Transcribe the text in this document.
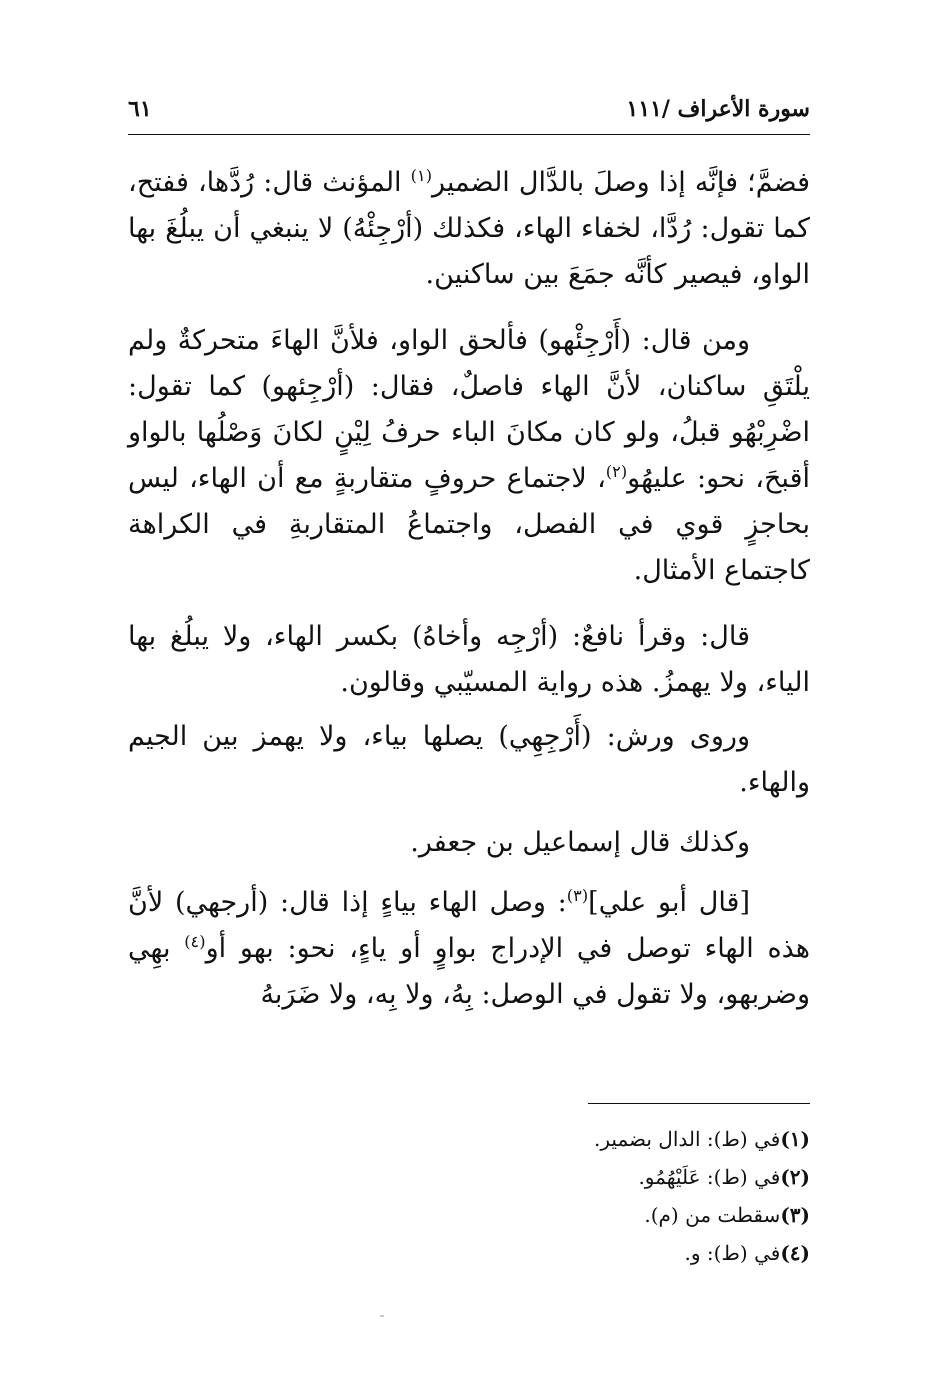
سورة الأعراف /١١١
٦١

فضمَّ؛ فإنَّه إذا وصلَ بالدَّال الضمير$^{(١)}$ المؤنث قال: رُدَّها، ففتح، كما تقول: رُدَّا، لخفاء الهاء، فكذلك (أرْجِئْهُ) لا ينبغي أن يبلُغَ بها الواو، فيصير كأنَّه جمَعَ بين ساكنين.

ومن قال: (أَرْجِئْهو) فألحق الواو، فلأنَّ الهاءَ متحركةٌ ولم يلْتَقِ ساكنان، لأنَّ الهاء فاصلٌ، فقال: (أرْجِئهو) كما تقول: اضْرِبْهُو قبلُ، ولو كان مكانَ الباء حرفُ لِيْنٍ لكانَ وَصْلُها بالواو أقبحَ، نحو: عليهُو$^{(٢)}$، لاجتماع حروفٍ متقاربةٍ مع أن الهاء، ليس بحاجزٍ قوي في الفصل، واجتماعُ المتقاربةِ في الكراهة كاجتماع الأمثال.

قال: وقرأ نافعٌ: (أرْجِه وأخاهُ) بكسر الهاء، ولا يبلُغ بها الياء، ولا يهمزُ. هذه رواية المسيّبي وقالون.

وروى ورش: (أَرْجِهِي) يصلها بياء، ولا يهمز بين الجيم والهاء.

وكذلك قال إسماعيل بن جعفر.

[قال أبو علي]$^{(٣)}$: وصل الهاء بياءٍ إذا قال: (أرجهي) لأنَّ هذه الهاء توصل في الإدراج بواوٍ أو ياءٍ، نحو: بهو أو$^{(٤)}$ بهِي وضربهو، ولا تقول في الوصل: بِهُ، ولا بِه، ولا ضَرَبهُ

(١)في (ط): الدال بضمير.

(٢)في (ط): عَلَيْهُمُو.

(٣)سقطت من (م).

(٤)في (ط): و.
